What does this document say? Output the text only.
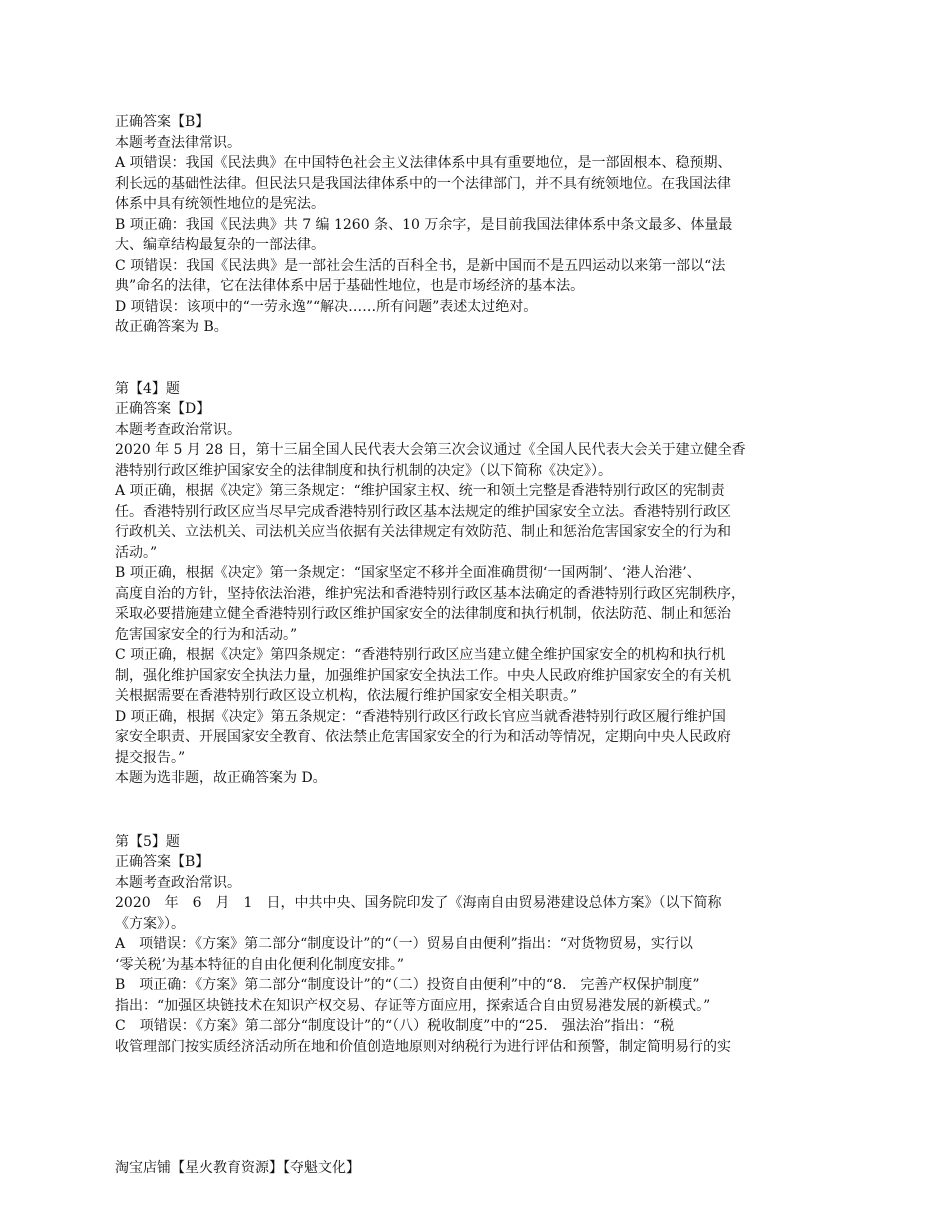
正确答案【B】
本题考查法律常识。
A 项错误：我国《民法典》在中国特色社会主义法律体系中具有重要地位，是一部固根本、稳预期、
利长远的基础性法律。但民法只是我国法律体系中的一个法律部门，并不具有统领地位。在我国法律
体系中具有统领性地位的是宪法。
B 项正确：我国《民法典》共 7 编 1260 条、10 万余字，是目前我国法律体系中条文最多、体量最
大、编章结构最复杂的一部法律。
C 项错误：我国《民法典》是一部社会生活的百科全书，是新中国而不是五四运动以来第一部以“法
典”命名的法律，它在法律体系中居于基础性地位，也是市场经济的基本法。
D 项错误：该项中的“一劳永逸”“解决……所有问题”表述太过绝对。
故正确答案为 B。
第【4】题
正确答案【D】
本题考查政治常识。
2020 年 5 月 28 日，第十三届全国人民代表大会第三次会议通过《全国人民代表大会关于建立健全香
港特别行政区维护国家安全的法律制度和执行机制的决定》（以下简称《决定》）。
A 项正确，根据《决定》第三条规定：“维护国家主权、统一和领土完整是香港特别行政区的宪制责
任。香港特别行政区应当尽早完成香港特别行政区基本法规定的维护国家安全立法。香港特别行政区
行政机关、立法机关、司法机关应当依据有关法律规定有效防范、制止和惩治危害国家安全的行为和
活动。”
B 项正确，根据《决定》第一条规定：“国家坚定不移并全面准确贯彻‘一国两制’、‘港人治港’、
高度自治的方针，坚持依法治港，维护宪法和香港特别行政区基本法确定的香港特别行政区宪制秩序，
采取必要措施建立健全香港特别行政区维护国家安全的法律制度和执行机制，依法防范、制止和惩治
危害国家安全的行为和活动。”
C 项正确，根据《决定》第四条规定：“香港特别行政区应当建立健全维护国家安全的机构和执行机
制，强化维护国家安全执法力量，加强维护国家安全执法工作。中央人民政府维护国家安全的有关机
关根据需要在香港特别行政区设立机构，依法履行维护国家安全相关职责。”
D 项正确，根据《决定》第五条规定：“香港特别行政区行政长官应当就香港特别行政区履行维护国
家安全职责、开展国家安全教育、依法禁止危害国家安全的行为和活动等情况，定期向中央人民政府
提交报告。”
本题为选非题，故正确答案为 D。
第【5】题
正确答案【B】
本题考查政治常识。
2020　年　6　月　1　日，中共中央、国务院印发了《海南自由贸易港建设总体方案》（以下简称
《方案》）。
A　项错误：《方案》第二部分“制度设计”的“（一）贸易自由便利”指出：“对货物贸易，实行以
‘零关税’为基本特征的自由化便利化制度安排。”
B　项正确：《方案》第二部分“制度设计”的“（二）投资自由便利”中的“8.　完善产权保护制度”
指出：“加强区块链技术在知识产权交易、存证等方面应用，探索适合自由贸易港发展的新模式。”
C　项错误：《方案》第二部分“制度设计”的“（八）税收制度”中的“25.　强法治”指出：“税
收管理部门按实质经济活动所在地和价值创造地原则对纳税行为进行评估和预警，制定简明易行的实
淘宝店铺【星火教育资源】【夺魁文化】
